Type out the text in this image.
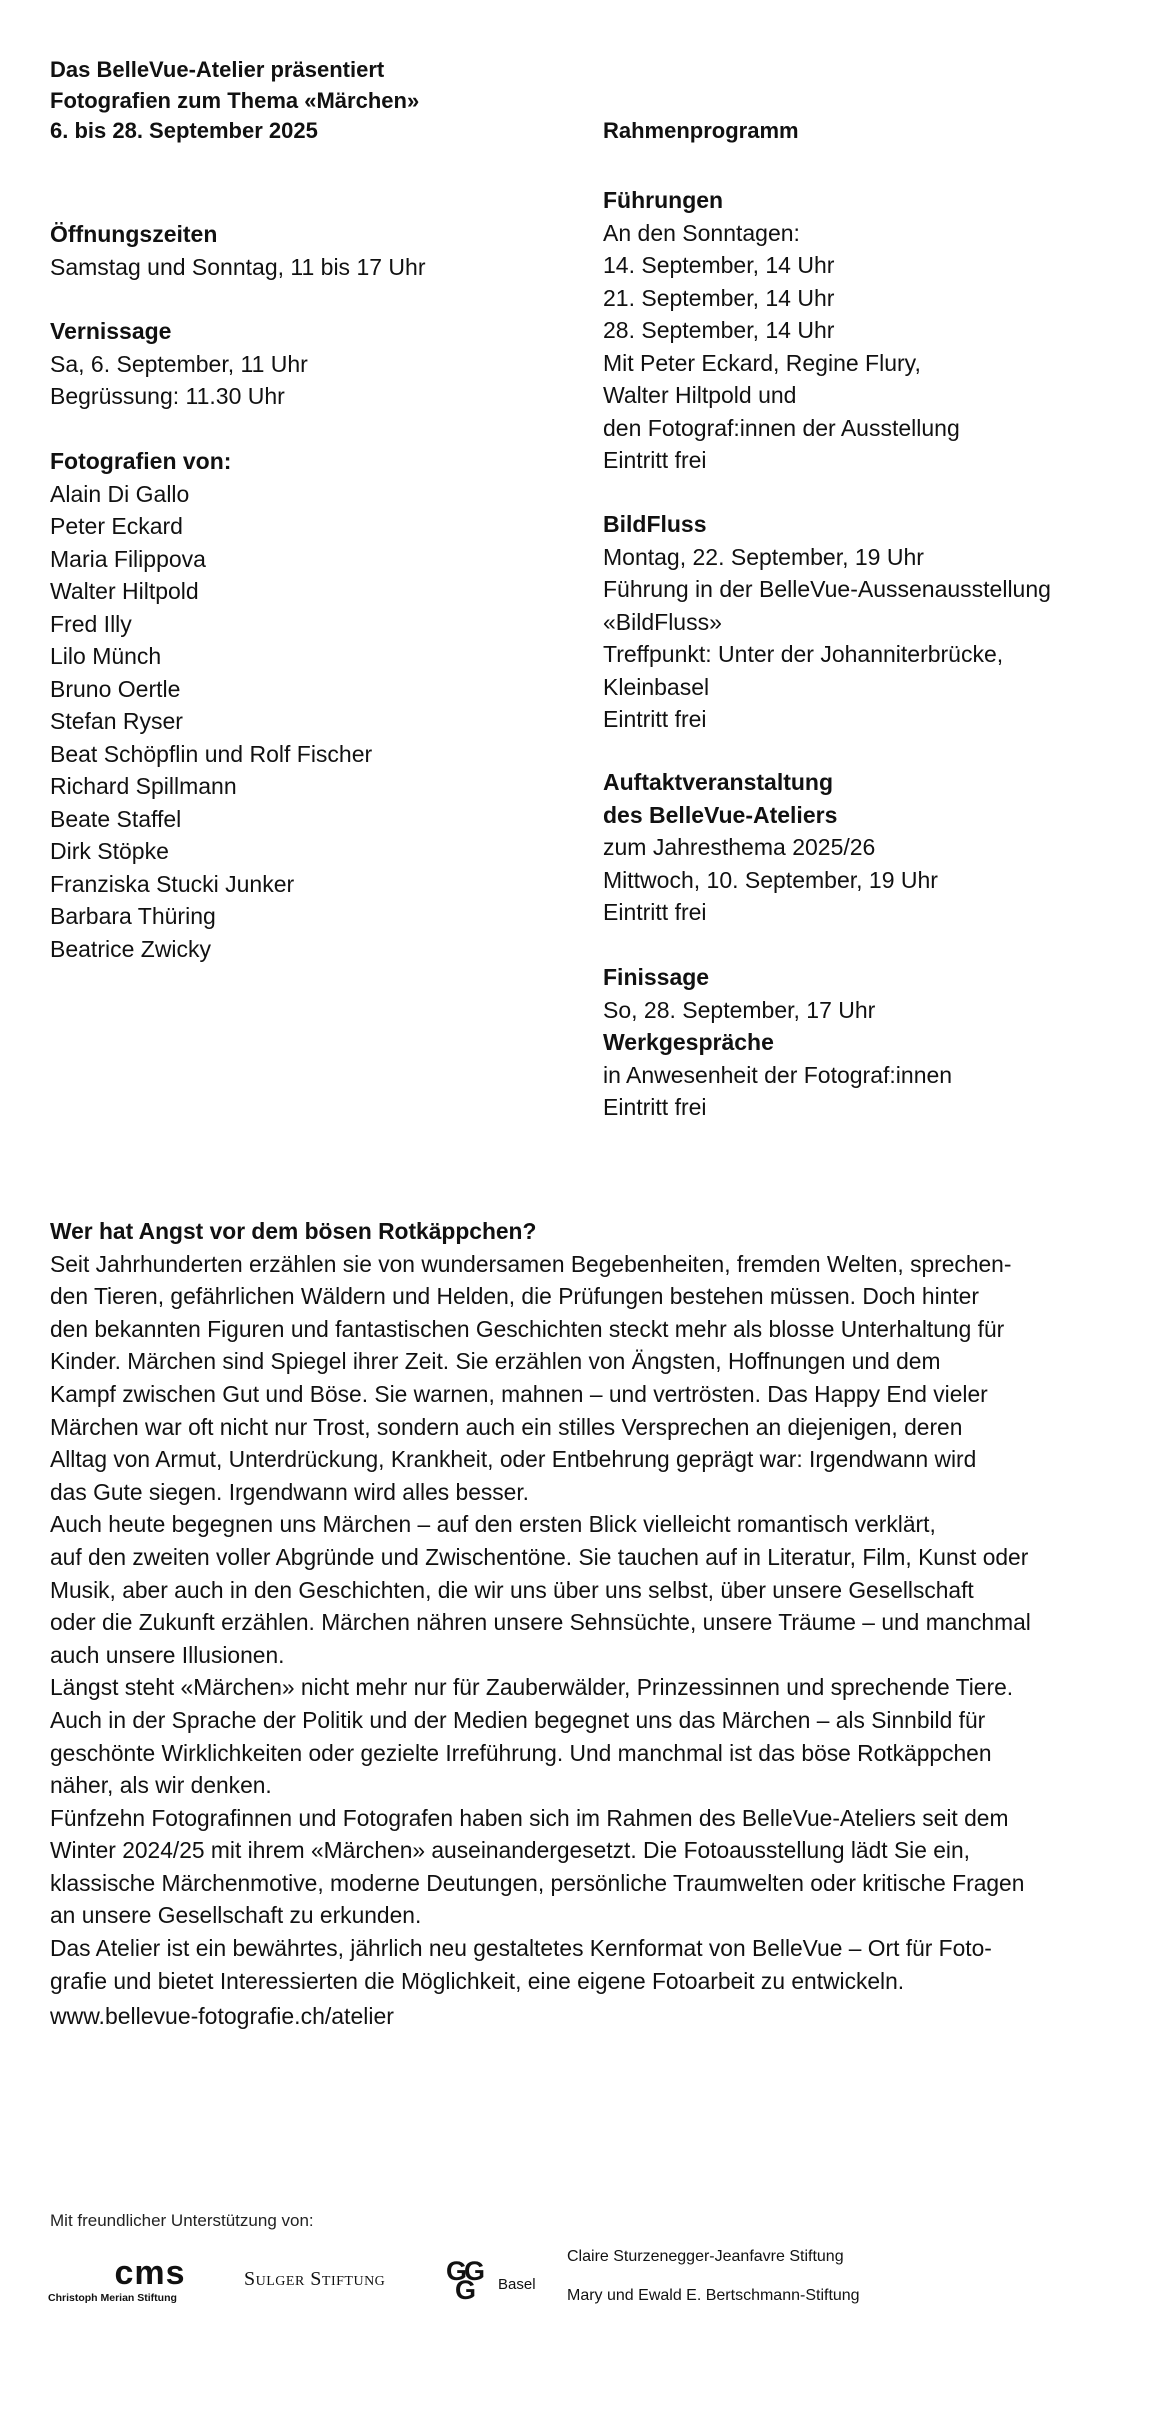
Das BelleVue-Atelier präsentiert
Fotografien zum Thema «Märchen»
6. bis 28. September 2025
Öffnungszeiten
Samstag und Sonntag, 11 bis 17 Uhr
Vernissage
Sa, 6. September, 11 Uhr
Begrüssung: 11.30 Uhr
Fotografien von:
Alain Di Gallo
Peter Eckard
Maria Filippova
Walter Hiltpold
Fred Illy
Lilo Münch
Bruno Oertle
Stefan Ryser
Beat Schöpflin und Rolf Fischer
Richard Spillmann
Beate Staffel
Dirk Stöpke
Franziska Stucki Junker
Barbara Thüring
Beatrice Zwicky
Rahmenprogramm
Führungen
An den Sonntagen:
14. September, 14 Uhr
21. September, 14 Uhr
28. September, 14 Uhr
Mit Peter Eckard, Regine Flury,
Walter Hiltpold und
den Fotograf:innen der Ausstellung
Eintritt frei
BildFluss
Montag, 22. September, 19 Uhr
Führung in der BelleVue-Aussenausstellung
«BildFluss»
Treffpunkt: Unter der Johanniterbrücke,
Kleinbasel
Eintritt frei
Auftaktveranstaltung
des BelleVue-Ateliers
zum Jahresthema 2025/26
Mittwoch, 10. September, 19 Uhr
Eintritt frei
Finissage
So, 28. September, 17 Uhr
Werkgespräche
in Anwesenheit der Fotograf:innen
Eintritt frei
Wer hat Angst vor dem bösen Rotkäppchen?
Seit Jahrhunderten erzählen sie von wundersamen Begebenheiten, fremden Welten, sprechen-
den Tieren, gefährlichen Wäldern und Helden, die Prüfungen bestehen müssen. Doch hinter
den bekannten Figuren und fantastischen Geschichten steckt mehr als blosse Unterhaltung für
Kinder. Märchen sind Spiegel ihrer Zeit. Sie erzählen von Ängsten, Hoffnungen und dem
Kampf zwischen Gut und Böse. Sie warnen, mahnen – und vertrösten. Das Happy End vieler
Märchen war oft nicht nur Trost, sondern auch ein stilles Versprechen an diejenigen, deren
Alltag von Armut, Unterdrückung, Krankheit, oder Entbehrung geprägt war: Irgendwann wird
das Gute siegen. Irgendwann wird alles besser.
Auch heute begegnen uns Märchen – auf den ersten Blick vielleicht romantisch verklärt,
auf den zweiten voller Abgründe und Zwischentöne. Sie tauchen auf in Literatur, Film, Kunst oder
Musik, aber auch in den Geschichten, die wir uns über uns selbst, über unsere Gesellschaft
oder die Zukunft erzählen. Märchen nähren unsere Sehnsüchte, unsere Träume – und manchmal
auch unsere Illusionen.
Längst steht «Märchen» nicht mehr nur für Zauberwälder, Prinzessinnen und sprechende Tiere.
Auch in der Sprache der Politik und der Medien begegnet uns das Märchen – als Sinnbild für
geschönte Wirklichkeiten oder gezielte Irreführung. Und manchmal ist das böse Rotkäppchen
näher, als wir denken.
Fünfzehn Fotografinnen und Fotografen haben sich im Rahmen des BelleVue-Ateliers seit dem
Winter 2024/25 mit ihrem «Märchen» auseinandergesetzt. Die Fotoausstellung lädt Sie ein,
klassische Märchenmotive, moderne Deutungen, persönliche Traumwelten oder kritische Fragen
an unsere Gesellschaft zu erkunden.
Das Atelier ist ein bewährtes, jährlich neu gestaltetes Kernformat von BelleVue – Ort für Foto-
grafie und bietet Interessierten die Möglichkeit, eine eigene Fotoarbeit zu entwickeln.
www.bellevue-fotografie.ch/atelier
Mit freundlicher Unterstützung von:
cms
Christoph Merian Stiftung
Sulger Stiftung G
G
G Basel
Claire Sturzenegger-Jeanfavre Stiftung
Mary und Ewald E. Bertschmann-Stiftung
